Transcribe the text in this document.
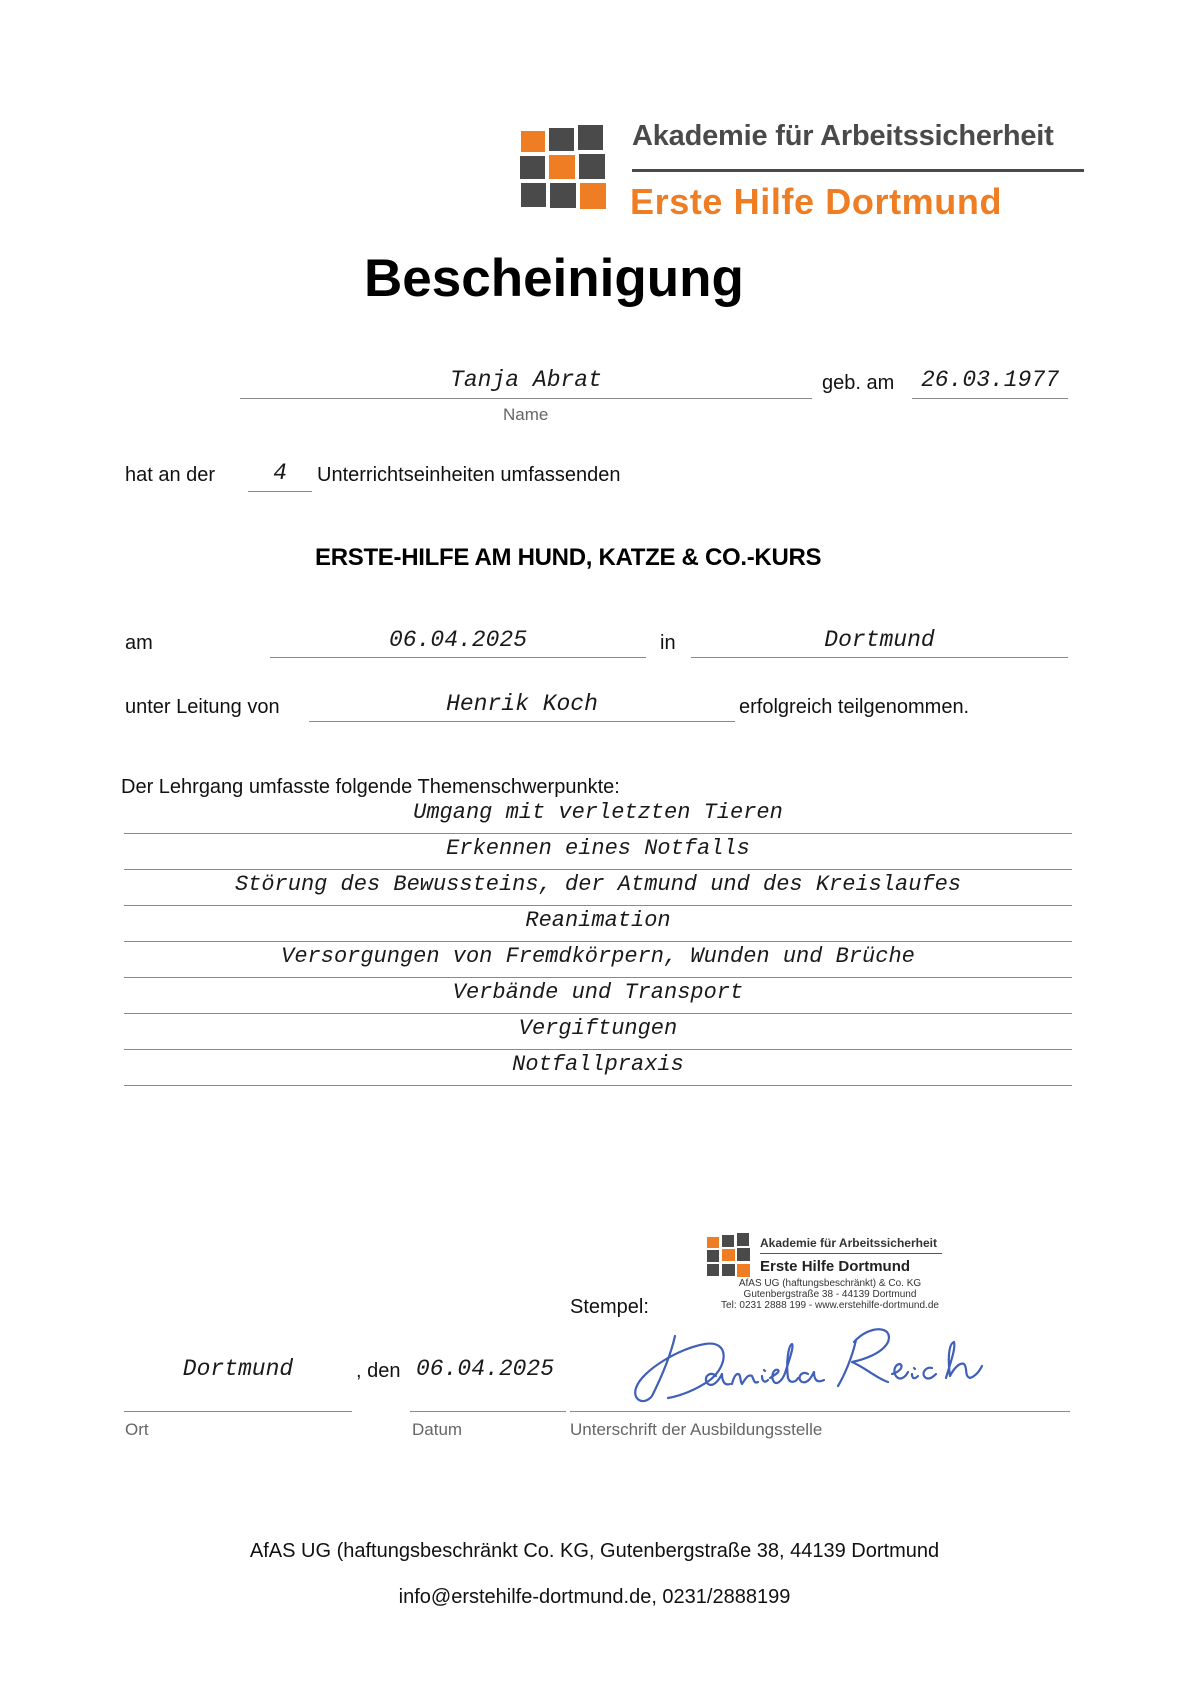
Akademie für Arbeitssicherheit
Erste Hilfe Dortmund
Bescheinigung
Tanja Abrat
Name
geb. am	26.03.1977
hat an der	4	Unterrichtseinheiten umfassenden
ERSTE-HILFE AM HUND, KATZE & CO.-KURS
am	06.04.2025	in	Dortmund
unter Leitung von	Henrik Koch	erfolgreich teilgenommen.
Der Lehrgang umfasste folgende Themenschwerpunkte:
Umgang mit verletzten Tieren
Erkennen eines Notfalls
Störung des Bewussteins, der Atmund und des Kreislaufes
Reanimation
Versorgungen von Fremdkörpern, Wunden und Brüche
Verbände und Transport
Vergiftungen
Notfallpraxis
Stempel:
Akademie für Arbeitssicherheit
Erste Hilfe Dortmund
AfAS UG (haftungsbeschränkt) & Co. KG
Gutenbergstraße 38 - 44139 Dortmund
Tel: 0231 2888 199 - www.erstehilfe-dortmund.de
Dortmund	, den 06.04.2025
Ort	Datum	Unterschrift der Ausbildungsstelle
AfAS UG (haftungsbeschränkt Co. KG, Gutenbergstraße 38, 44139 Dortmund
info@erstehilfe-dortmund.de, 0231/2888199
